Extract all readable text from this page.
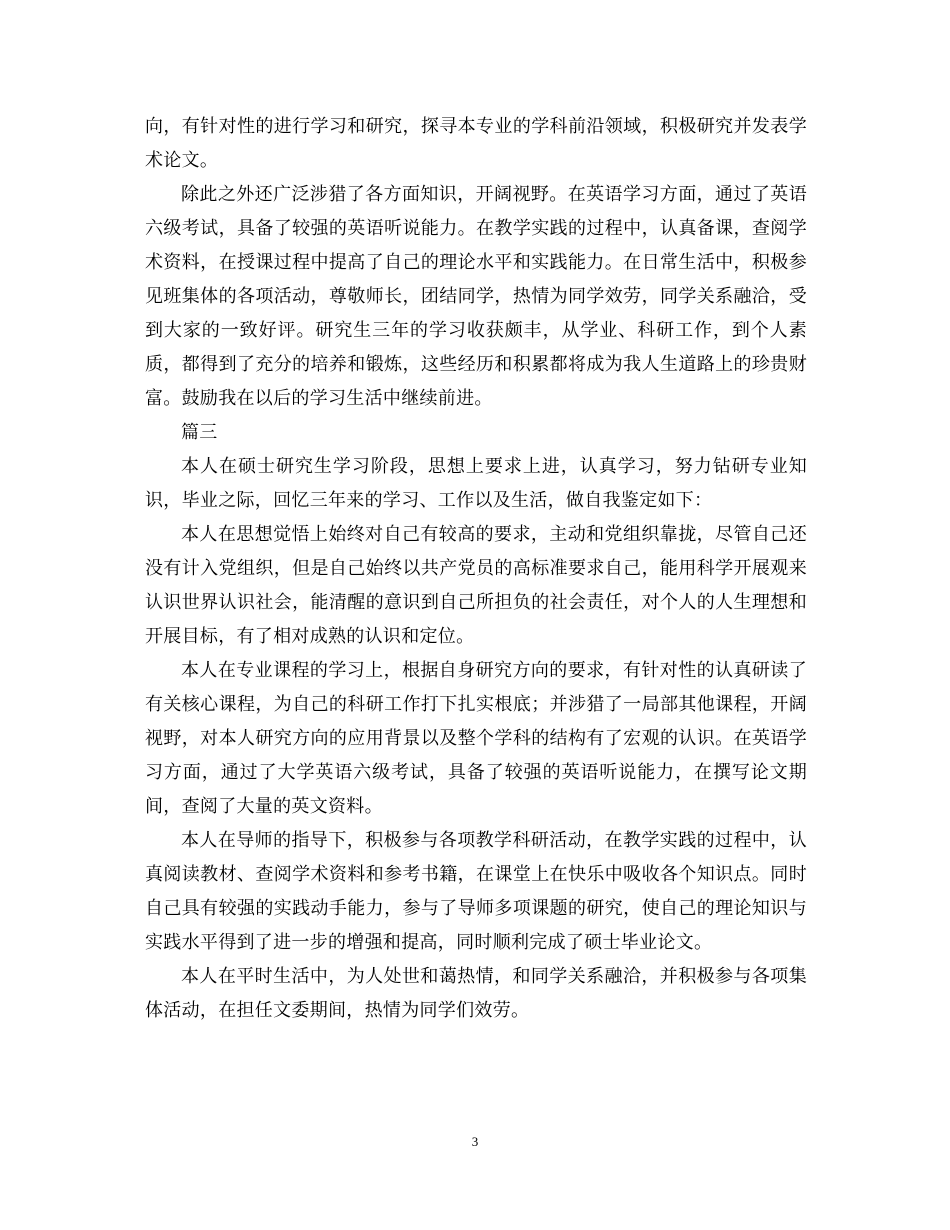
向，有针对性的进行学习和研究，探寻本专业的学科前沿领域，积极研究并发表学术论文。

除此之外还广泛涉猎了各方面知识，开阔视野。在英语学习方面，通过了英语六级考试，具备了较强的英语听说能力。在教学实践的过程中，认真备课，查阅学术资料，在授课过程中提高了自己的理论水平和实践能力。在日常生活中，积极参见班集体的各项活动，尊敬师长，团结同学，热情为同学效劳，同学关系融洽，受到大家的一致好评。研究生三年的学习收获颇丰，从学业、科研工作，到个人素质，都得到了充分的培养和锻炼，这些经历和积累都将成为我人生道路上的珍贵财富。鼓励我在以后的学习生活中继续前进。

篇三

本人在硕士研究生学习阶段，思想上要求上进，认真学习，努力钻研专业知识，毕业之际，回忆三年来的学习、工作以及生活，做自我鉴定如下：

本人在思想觉悟上始终对自己有较高的要求，主动和党组织靠拢，尽管自己还没有计入党组织，但是自己始终以共产党员的高标准要求自己，能用科学开展观来认识世界认识社会，能清醒的意识到自己所担负的社会责任，对个人的人生理想和开展目标，有了相对成熟的认识和定位。

本人在专业课程的学习上，根据自身研究方向的要求，有针对性的认真研读了有关核心课程，为自己的科研工作打下扎实根底；并涉猎了一局部其他课程，开阔视野，对本人研究方向的应用背景以及整个学科的结构有了宏观的认识。在英语学习方面，通过了大学英语六级考试，具备了较强的英语听说能力，在撰写论文期间，查阅了大量的英文资料。

本人在导师的指导下，积极参与各项教学科研活动，在教学实践的过程中，认真阅读教材、查阅学术资料和参考书籍，在课堂上在快乐中吸收各个知识点。同时自己具有较强的实践动手能力，参与了导师多项课题的研究，使自己的理论知识与实践水平得到了进一步的增强和提高，同时顺利完成了硕士毕业论文。

本人在平时生活中，为人处世和蔼热情，和同学关系融洽，并积极参与各项集体活动，在担任文委期间，热情为同学们效劳。

3
